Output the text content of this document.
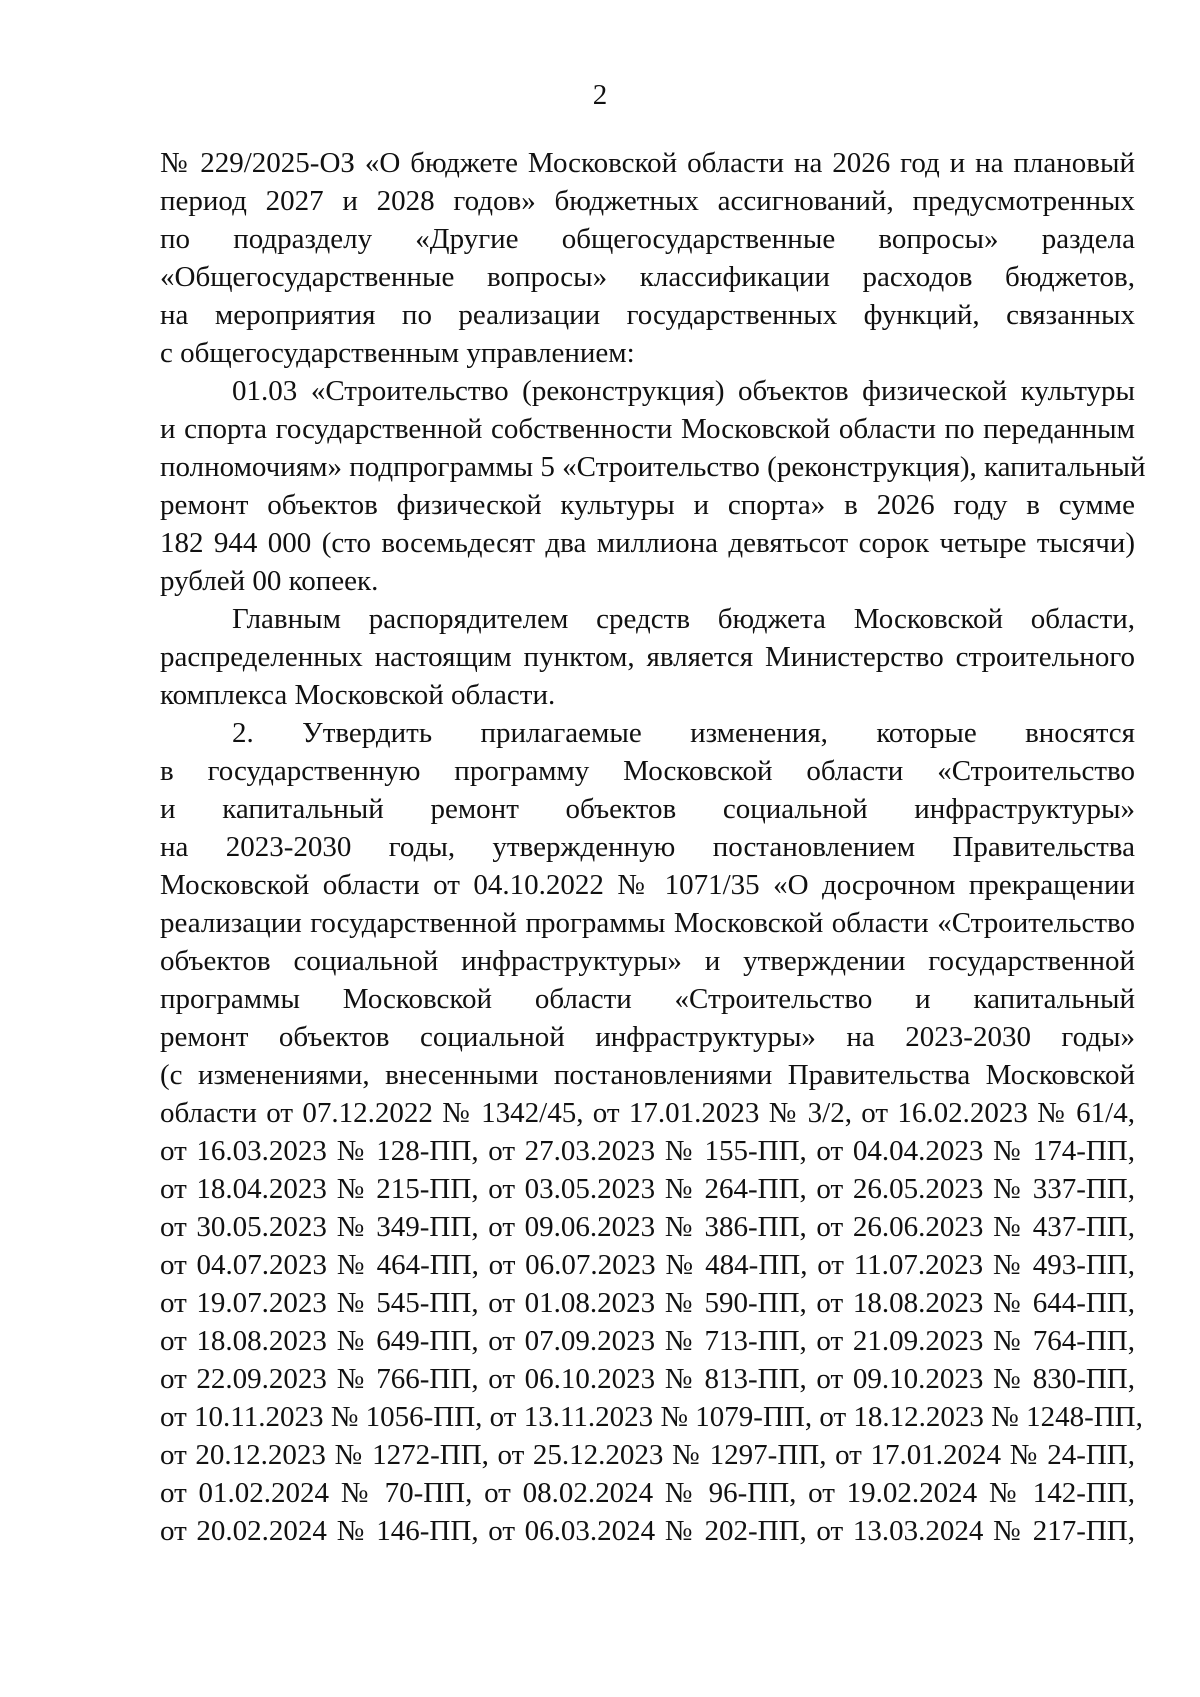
2
№ 229/2025-ОЗ «О бюджете Московской области на 2026 год и на плановый
период 2027 и 2028 годов» бюджетных ассигнований, предусмотренных
по подразделу «Другие общегосударственные вопросы» раздела
«Общегосударственные вопросы» классификации расходов бюджетов,
на мероприятия по реализации государственных функций, связанных
с общегосударственным управлением:
01.03 «Строительство (реконструкция) объектов физической культуры
и спорта государственной собственности Московской области по переданным
полномочиям» подпрограммы 5 «Строительство (реконструкция), капитальный
ремонт объектов физической культуры и спорта» в 2026 году в сумме
182 944 000 (сто восемьдесят два миллиона девятьсот сорок четыре тысячи)
рублей 00 копеек.
Главным распорядителем средств бюджета Московской области,
распределенных настоящим пунктом, является Министерство строительного
комплекса Московской области.
2. Утвердить прилагаемые изменения, которые вносятся
в государственную программу Московской области «Строительство
и капитальный ремонт объектов социальной инфраструктуры»
на 2023-2030 годы, утвержденную постановлением Правительства
Московской области от 04.10.2022 № 1071/35 «О досрочном прекращении
реализации государственной программы Московской области «Строительство
объектов социальной инфраструктуры» и утверждении государственной
программы Московской области «Строительство и капитальный
ремонт объектов социальной инфраструктуры» на 2023-2030 годы»
(с изменениями, внесенными постановлениями Правительства Московской
области от 07.12.2022 № 1342/45, от 17.01.2023 № 3/2, от 16.02.2023 № 61/4,
от 16.03.2023 № 128-ПП, от 27.03.2023 № 155-ПП, от 04.04.2023 № 174-ПП,
от 18.04.2023 № 215-ПП, от 03.05.2023 № 264-ПП, от 26.05.2023 № 337-ПП,
от 30.05.2023 № 349-ПП, от 09.06.2023 № 386-ПП, от 26.06.2023 № 437-ПП,
от 04.07.2023 № 464-ПП, от 06.07.2023 № 484-ПП, от 11.07.2023 № 493-ПП,
от 19.07.2023 № 545-ПП, от 01.08.2023 № 590-ПП, от 18.08.2023 № 644-ПП,
от 18.08.2023 № 649-ПП, от 07.09.2023 № 713-ПП, от 21.09.2023 № 764-ПП,
от 22.09.2023 № 766-ПП, от 06.10.2023 № 813-ПП, от 09.10.2023 № 830-ПП,
от 10.11.2023 № 1056-ПП, от 13.11.2023 № 1079-ПП, от 18.12.2023 № 1248-ПП,
от 20.12.2023 № 1272-ПП, от 25.12.2023 № 1297-ПП, от 17.01.2024 № 24-ПП,
от 01.02.2024 № 70-ПП, от 08.02.2024 № 96-ПП, от 19.02.2024 № 142-ПП,
от 20.02.2024 № 146-ПП, от 06.03.2024 № 202-ПП, от 13.03.2024 № 217-ПП,
